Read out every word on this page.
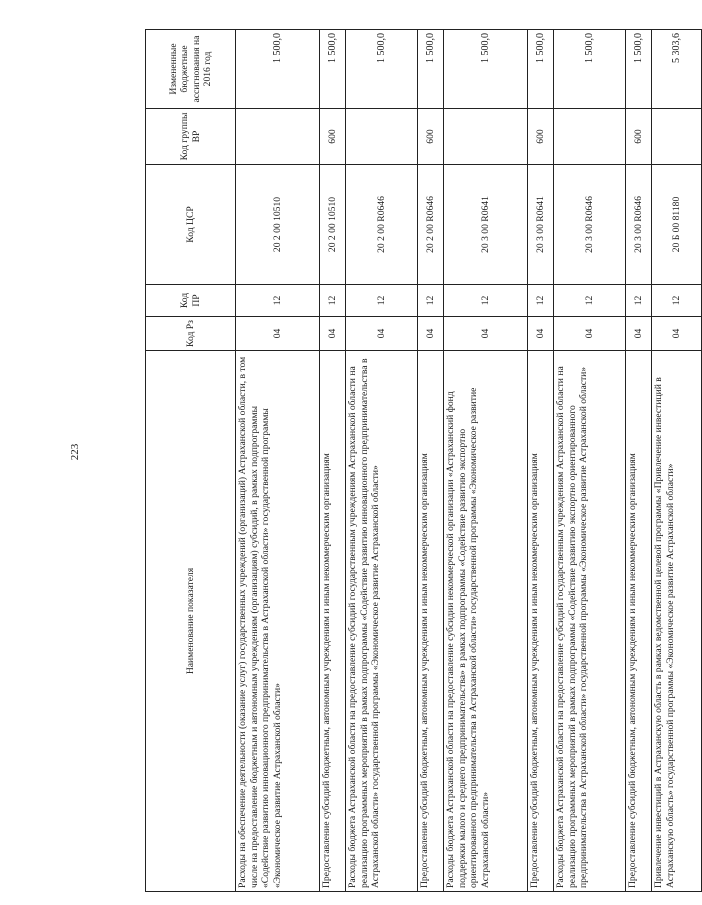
223
Наименование показателя	Код Рз	Код ПР	Код ЦСР	Код группы ВР	Измененные бюджетные ассигнования на 2016 год
Расходы на обеспечение деятельности (оказание услуг) государственных учреждений (организаций) Астраханской области, в том числе на предоставление бюджетным и автономным учреждениям (организациям) субсидий, в рамках подпрограммы «Содействие развитию инновационного предпринимательства в Астраханской области» государственной программы «Экономическое развитие Астраханской области»	04	12	20 2 00 10510		1 500,0
Предоставление субсидий бюджетным, автономным учреждениям и иным некоммерческим организациям	04	12	20 2 00 10510	600	1 500,0
Расходы бюджета Астраханской области на предоставление субсидий государственным учреждениям Астраханской области на реализацию программных мероприятий в рамках подпрограммы «Содействие развитию инновационного предпринимательства в Астраханской области» государственной программы «Экономическое развитие Астраханской области»	04	12	20 2 00 R0646		1 500,0
Предоставление субсидий бюджетным, автономным учреждениям и иным некоммерческим организациям	04	12	20 2 00 R0646	600	1 500,0
Расходы бюджета Астраханской области на предоставление субсидии некоммерческой организации «Астраханский фонд поддержки малого и среднего предпринимательства» в рамках подпрограммы «Содействие развитию экспортно ориентированного предпринимательства в Астраханской области» государственной программы «Экономическое развитие Астраханской области»	04	12	20 3 00 R0641		1 500,0
Предоставление субсидий бюджетным, автономным учреждениям и иным некоммерческим организациям	04	12	20 3 00 R0641	600	1 500,0
Расходы бюджета Астраханской области на предоставление субсидий государственным учреждениям Астраханской области на реализацию программных мероприятий в рамках подпрограммы «Содействие развитию экспортно ориентированного предпринимательства в Астраханской области» государственной программы «Экономическое развитие Астраханской области»	04	12	20 3 00 R0646		1 500,0
Предоставление субсидий бюджетным, автономным учреждениям и иным некоммерческим организациям	04	12	20 3 00 R0646	600	1 500,0
Привлечение инвестиций в Астраханскую область в рамках ведомственной целевой программы «Привлечение инвестиций в Астраханскую область» государственной программы «Экономическое развитие Астраханской области»	04	12	20 Б 00 81180		5 303,6
